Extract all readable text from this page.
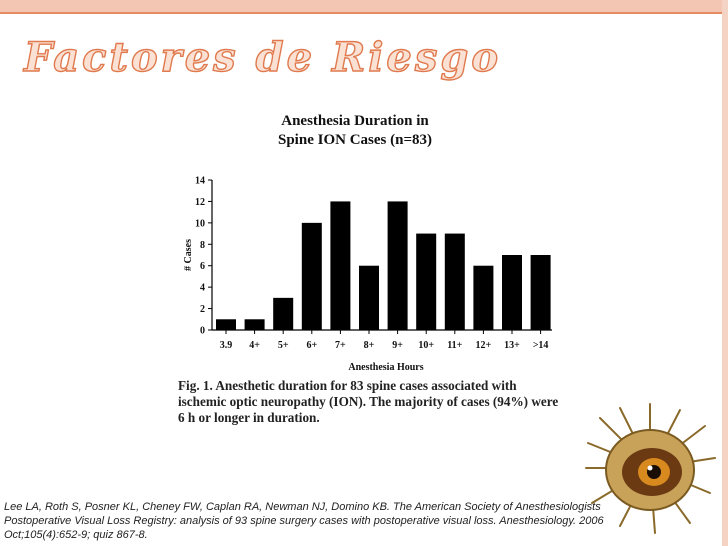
Factores de Riesgo
Anesthesia Duration in
Spine ION Cases (n=83)
0
2
4
6
8
10
12
14
3.9 4+ 5+ 6+ 7+ 8+ 9+ 10+ 11+ 12+ 13+ >14
Anesthesia Hours
# Cases

Fig. 1. Anesthetic duration for 83 spine cases associated with ischemic optic neuropathy (ION). The majority of cases (94%) were 6 h or longer in duration.

Lee LA, Roth S, Posner KL, Cheney FW, Caplan RA, Newman NJ, Domino KB. The American Society of Anesthesiologists Postoperative Visual Loss Registry: analysis of 93 spine surgery cases with postoperative visual loss. Anesthesiology. 2006 Oct;105(4):652-9; quiz 867-8.
